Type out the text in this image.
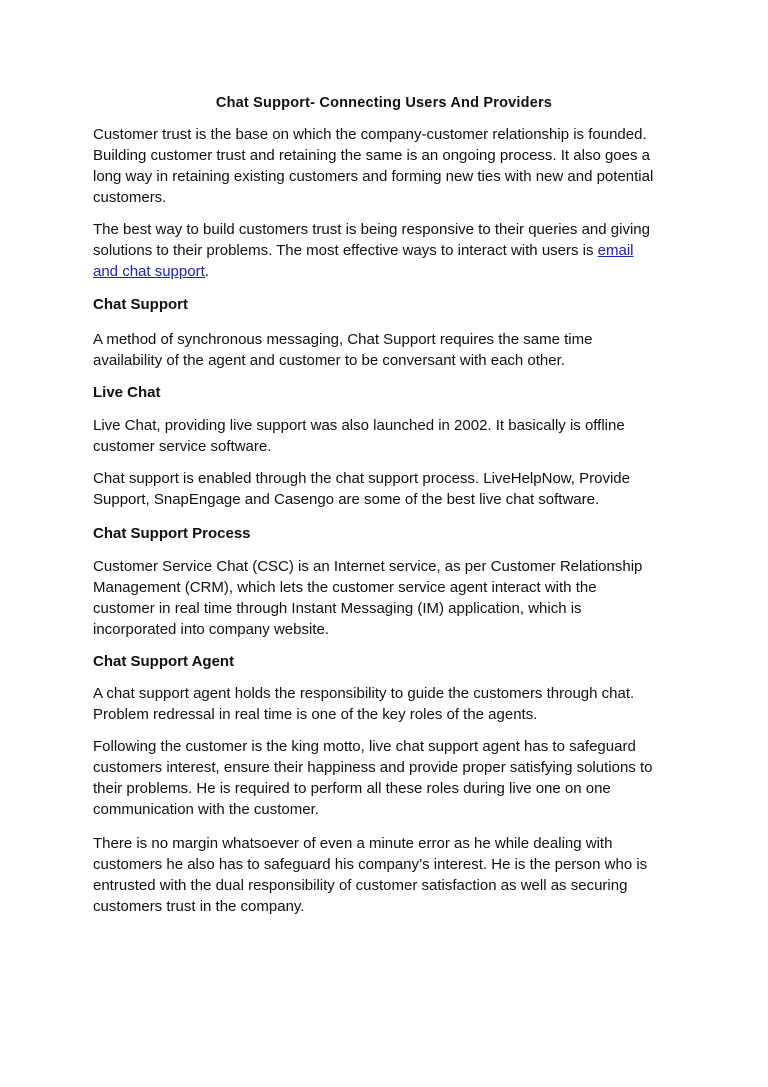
Chat Support- Connecting Users And Providers
Customer trust is the base on which the company-customer relationship is founded.
Building customer trust and retaining the same is an ongoing process. It also goes a
long way in retaining existing customers and forming new ties with new and potential
customers.
The best way to build customers trust is being responsive to their queries and giving
solutions to their problems. The most effective ways to interact with users is email
and chat support.
Chat Support
A method of synchronous messaging, Chat Support requires the same time
availability of the agent and customer to be conversant with each other.
Live Chat
Live Chat, providing live support was also launched in 2002. It basically is offline
customer service software.
Chat support is enabled through the chat support process. LiveHelpNow, Provide
Support, SnapEngage and Casengo are some of the best live chat software.
Chat Support Process
Customer Service Chat (CSC) is an Internet service, as per Customer Relationship
Management (CRM), which lets the customer service agent interact with the
customer in real time through Instant Messaging (IM) application, which is
incorporated into company website.
Chat Support Agent
A chat support agent holds the responsibility to guide the customers through chat.
Problem redressal in real time is one of the key roles of the agents.
Following the customer is the king motto, live chat support agent has to safeguard
customers interest, ensure their happiness and provide proper satisfying solutions to
their problems. He is required to perform all these roles during live one on one
communication with the customer.
There is no margin whatsoever of even a minute error as he while dealing with
customers he also has to safeguard his company’s interest. He is the person who is
entrusted with the dual responsibility of customer satisfaction as well as securing
customers trust in the company.
